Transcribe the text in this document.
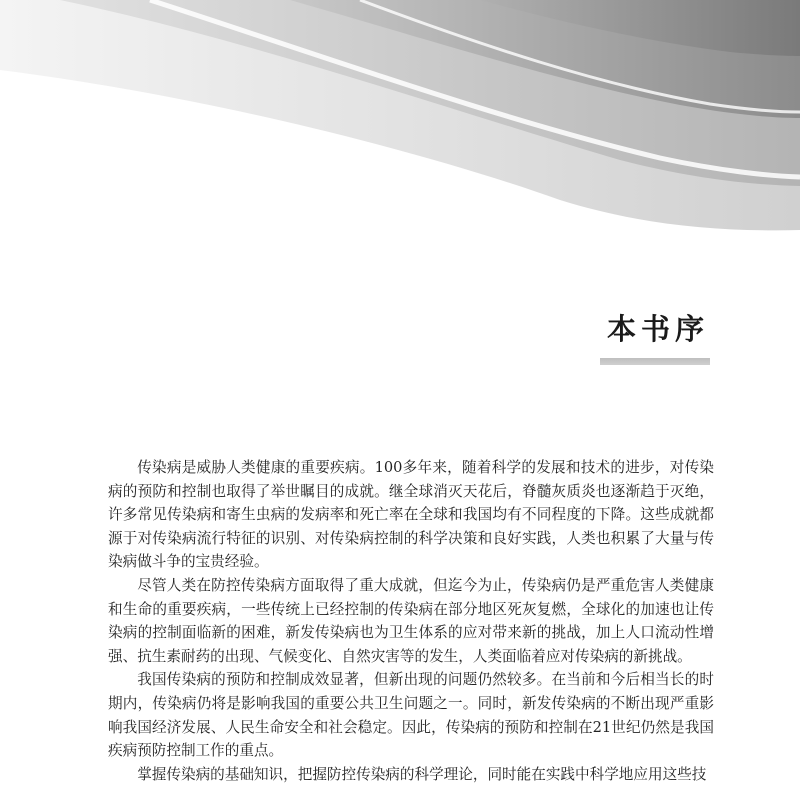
本书序

传染病是威胁人类健康的重要疾病。100多年来，随着科学的发展和技术的进步，对传染病的预防和控制也取得了举世瞩目的成就。继全球消灭天花后，脊髓灰质炎也逐渐趋于灭绝，许多常见传染病和寄生虫病的发病率和死亡率在全球和我国均有不同程度的下降。这些成就都源于对传染病流行特征的识别、对传染病控制的科学决策和良好实践，人类也积累了大量与传染病做斗争的宝贵经验。

尽管人类在防控传染病方面取得了重大成就，但迄今为止，传染病仍是严重危害人类健康和生命的重要疾病，一些传统上已经控制的传染病在部分地区死灰复燃，全球化的加速也让传染病的控制面临新的困难，新发传染病也为卫生体系的应对带来新的挑战，加上人口流动性增强、抗生素耐药的出现、气候变化、自然灾害等的发生，人类面临着应对传染病的新挑战。

我国传染病的预防和控制成效显著，但新出现的问题仍然较多。在当前和今后相当长的时期内，传染病仍将是影响我国的重要公共卫生问题之一。同时，新发传染病的不断出现严重影响我国经济发展、人民生命安全和社会稳定。因此，传染病的预防和控制在21世纪仍然是我国疾病预防控制工作的重点。

掌握传染病的基础知识，把握防控传染病的科学理论，同时能在实践中科学地应用这些技
